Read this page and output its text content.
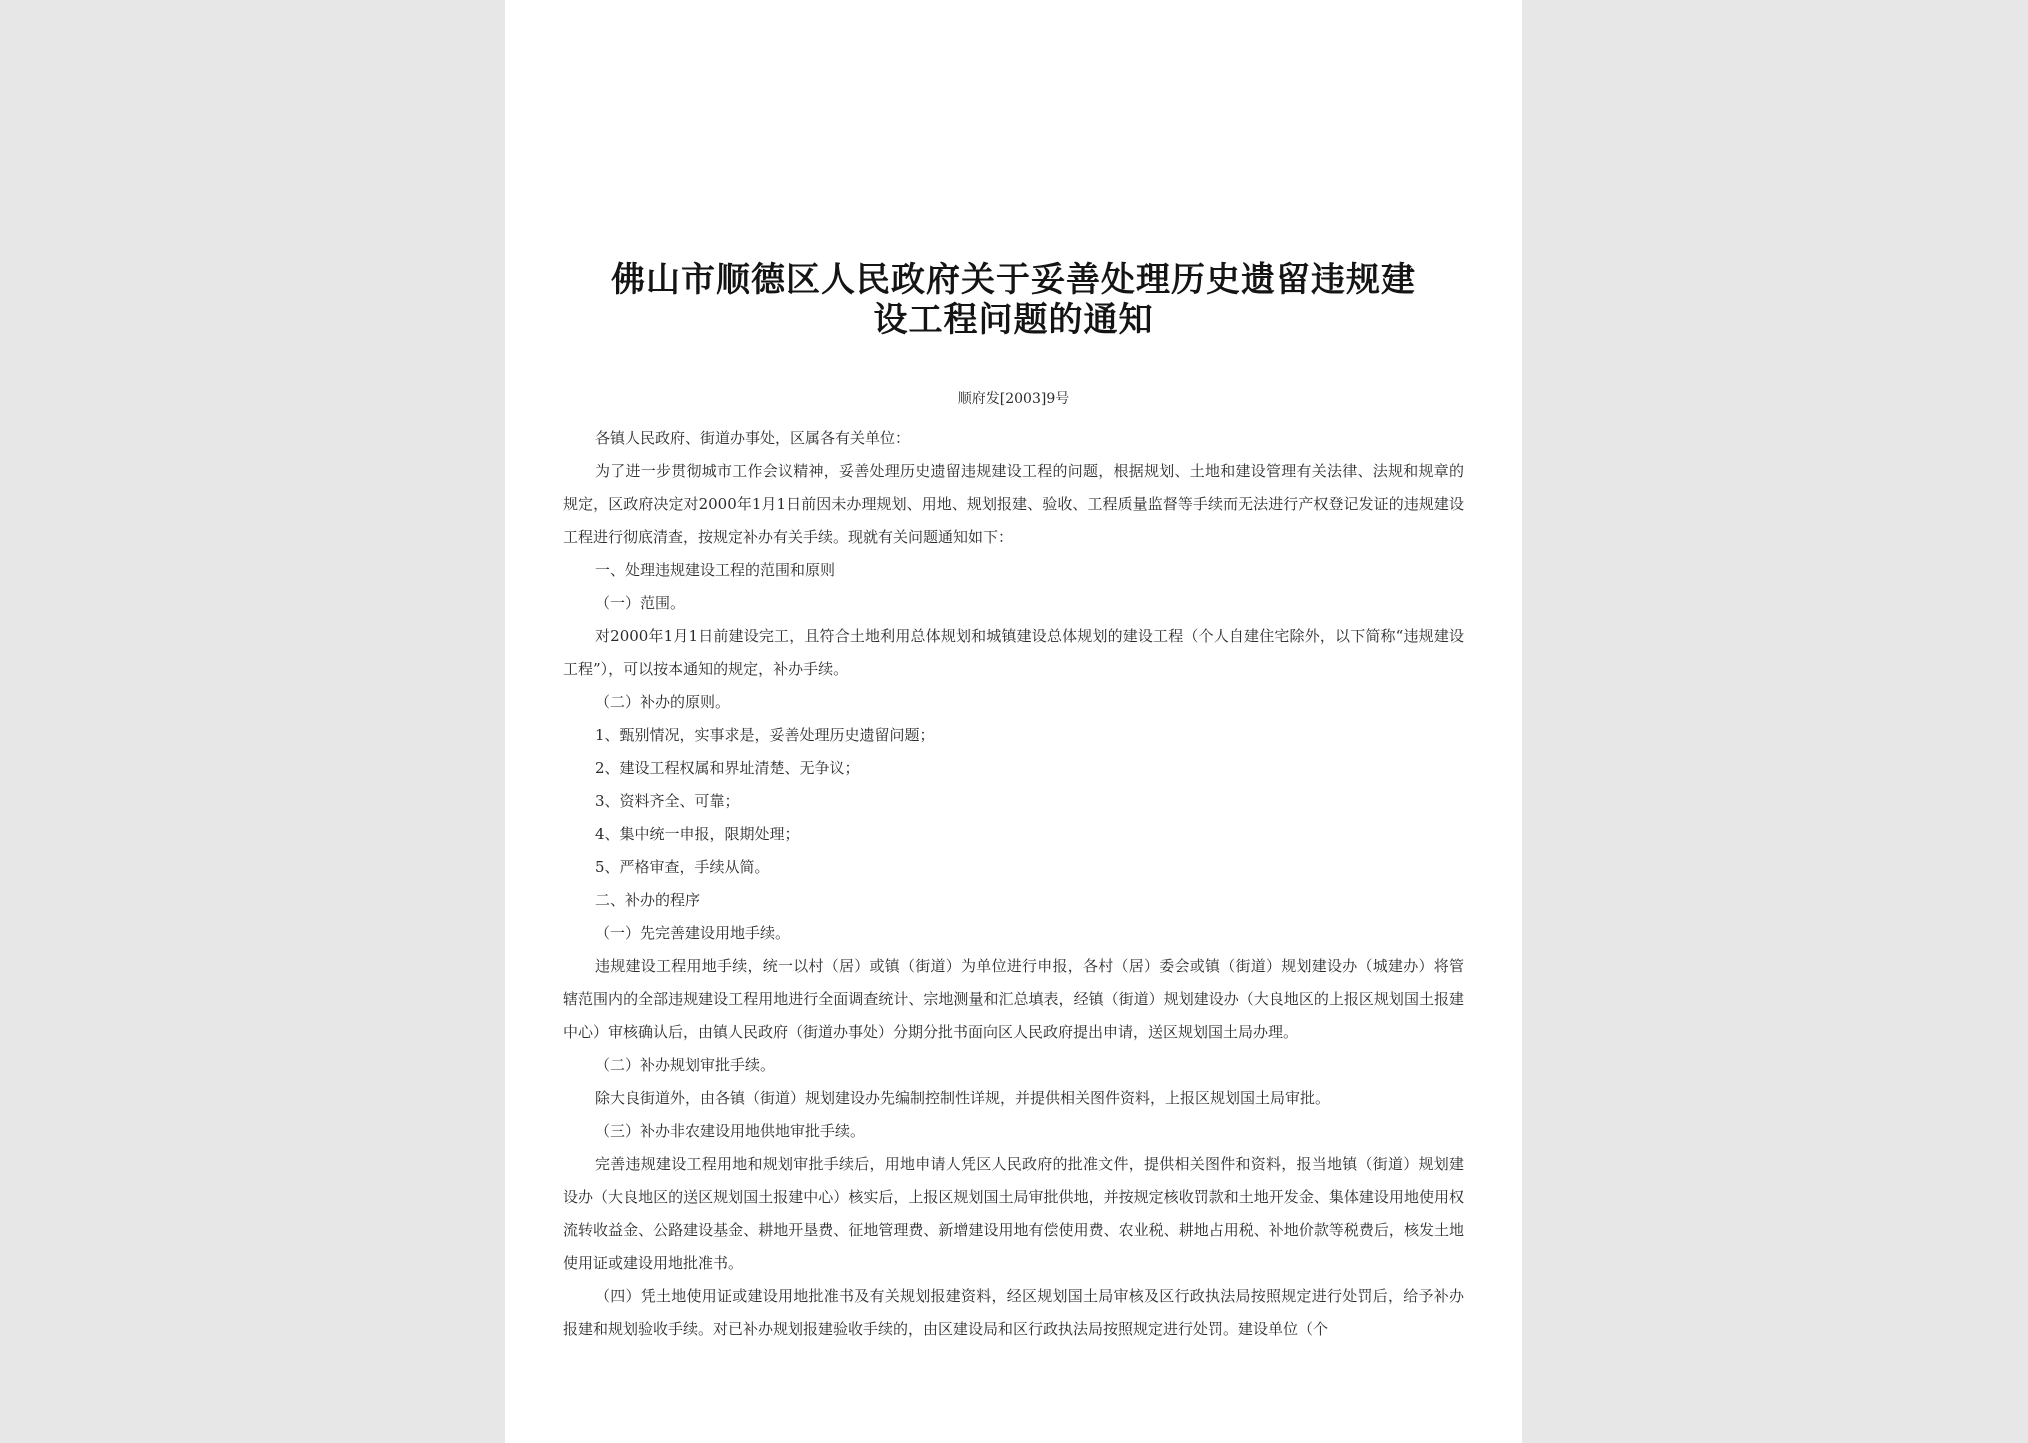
佛山市顺德区人民政府关于妥善处理历史遗留违规建
设工程问题的通知
顺府发[2003]9号

各镇人民政府、街道办事处，区属各有关单位：

为了进一步贯彻城市工作会议精神，妥善处理历史遗留违规建设工程的问题，根据规划、土地和建设管理有关法律、法规和规章的规定，区政府决定对2000年1月1日前因未办理规划、用地、规划报建、验收、工程质量监督等手续而无法进行产权登记发证的违规建设工程进行彻底清查，按规定补办有关手续。现就有关问题通知如下：

一、处理违规建设工程的范围和原则

（一）范围。

对2000年1月1日前建设完工，且符合土地利用总体规划和城镇建设总体规划的建设工程（个人自建住宅除外，以下简称“违规建设工程”），可以按本通知的规定，补办手续。

（二）补办的原则。

1、甄别情况，实事求是，妥善处理历史遗留问题；

2、建设工程权属和界址清楚、无争议；

3、资料齐全、可靠；

4、集中统一申报，限期处理；

5、严格审查，手续从简。

二、补办的程序

（一）先完善建设用地手续。

违规建设工程用地手续，统一以村（居）或镇（街道）为单位进行申报，各村（居）委会或镇（街道）规划建设办（城建办）将管辖范围内的全部违规建设工程用地进行全面调查统计、宗地测量和汇总填表，经镇（街道）规划建设办（大良地区的上报区规划国土报建中心）审核确认后，由镇人民政府（街道办事处）分期分批书面向区人民政府提出申请，送区规划国土局办理。

（二）补办规划审批手续。

除大良街道外，由各镇（街道）规划建设办先编制控制性详规，并提供相关图件资料，上报区规划国土局审批。

（三）补办非农建设用地供地审批手续。

完善违规建设工程用地和规划审批手续后，用地申请人凭区人民政府的批准文件，提供相关图件和资料，报当地镇（街道）规划建设办（大良地区的送区规划国土报建中心）核实后，上报区规划国土局审批供地，并按规定核收罚款和土地开发金、集体建设用地使用权流转收益金、公路建设基金、耕地开垦费、征地管理费、新增建设用地有偿使用费、农业税、耕地占用税、补地价款等税费后，核发土地使用证或建设用地批准书。

（四）凭土地使用证或建设用地批准书及有关规划报建资料，经区规划国土局审核及区行政执法局按照规定进行处罚后，给予补办报建和规划验收手续。对已补办规划报建验收手续的，由区建设局和区行政执法局按照规定进行处罚。建设单位（个
